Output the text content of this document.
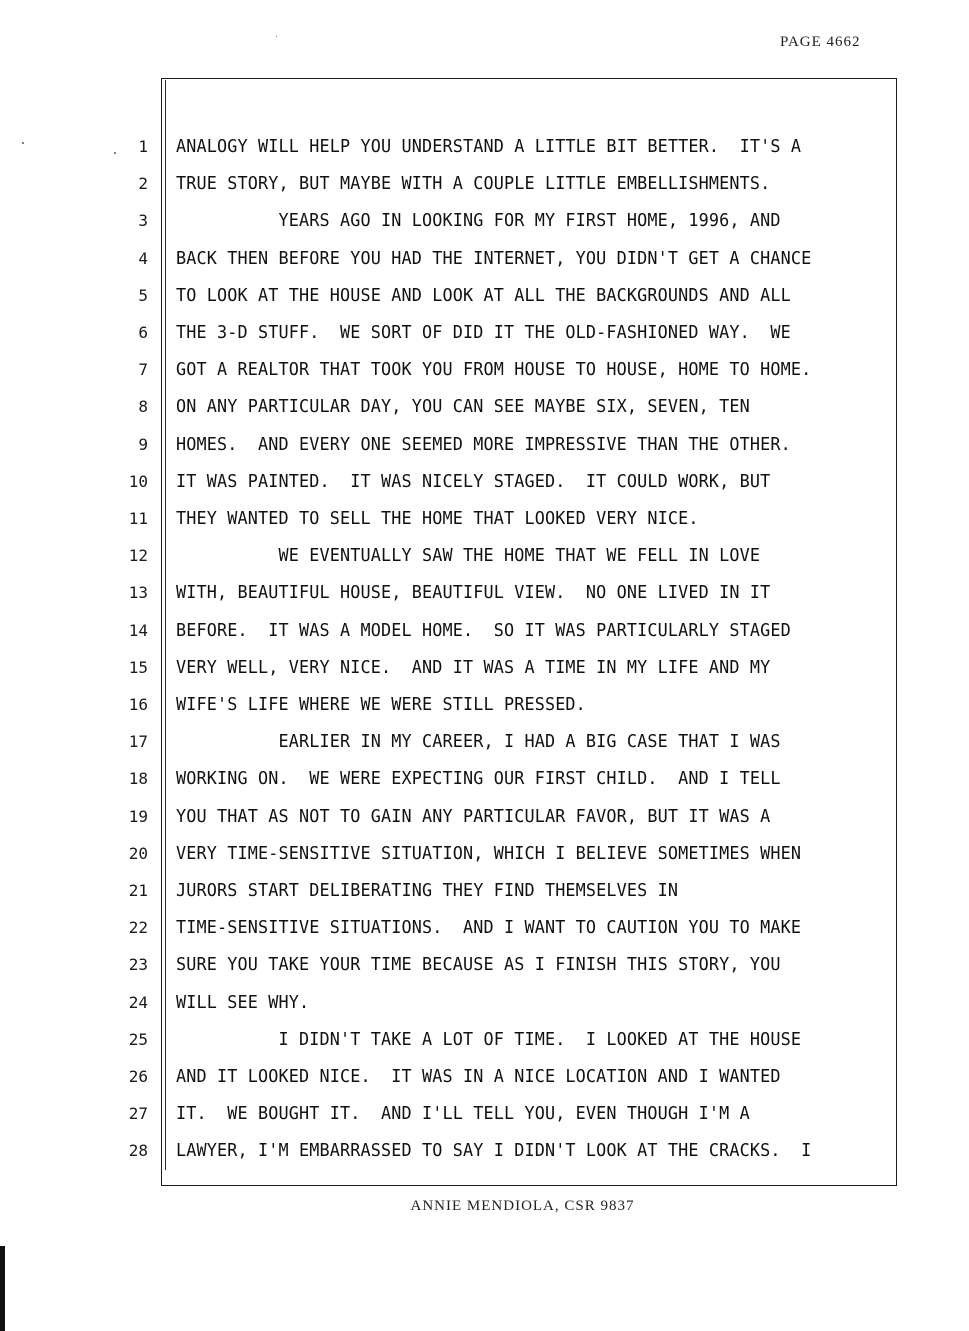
PAGE 4662
1 ANALOGY WILL HELP YOU UNDERSTAND A LITTLE BIT BETTER.  IT'S A
2 TRUE STORY, BUT MAYBE WITH A COUPLE LITTLE EMBELLISHMENTS.
3 YEARS AGO IN LOOKING FOR MY FIRST HOME, 1996, AND
4 BACK THEN BEFORE YOU HAD THE INTERNET, YOU DIDN'T GET A CHANCE
5 TO LOOK AT THE HOUSE AND LOOK AT ALL THE BACKGROUNDS AND ALL
6 THE 3-D STUFF.  WE SORT OF DID IT THE OLD-FASHIONED WAY.  WE
7 GOT A REALTOR THAT TOOK YOU FROM HOUSE TO HOUSE, HOME TO HOME.
8 ON ANY PARTICULAR DAY, YOU CAN SEE MAYBE SIX, SEVEN, TEN
9 HOMES.  AND EVERY ONE SEEMED MORE IMPRESSIVE THAN THE OTHER.
10 IT WAS PAINTED.  IT WAS NICELY STAGED.  IT COULD WORK, BUT
11 THEY WANTED TO SELL THE HOME THAT LOOKED VERY NICE.
12 WE EVENTUALLY SAW THE HOME THAT WE FELL IN LOVE
13 WITH, BEAUTIFUL HOUSE, BEAUTIFUL VIEW.  NO ONE LIVED IN IT
14 BEFORE.  IT WAS A MODEL HOME.  SO IT WAS PARTICULARLY STAGED
15 VERY WELL, VERY NICE.  AND IT WAS A TIME IN MY LIFE AND MY
16 WIFE'S LIFE WHERE WE WERE STILL PRESSED.
17 EARLIER IN MY CAREER, I HAD A BIG CASE THAT I WAS
18 WORKING ON.  WE WERE EXPECTING OUR FIRST CHILD.  AND I TELL
19 YOU THAT AS NOT TO GAIN ANY PARTICULAR FAVOR, BUT IT WAS A
20 VERY TIME-SENSITIVE SITUATION, WHICH I BELIEVE SOMETIMES WHEN
21 JURORS START DELIBERATING THEY FIND THEMSELVES IN
22 TIME-SENSITIVE SITUATIONS.  AND I WANT TO CAUTION YOU TO MAKE
23 SURE YOU TAKE YOUR TIME BECAUSE AS I FINISH THIS STORY, YOU
24 WILL SEE WHY.
25 I DIDN'T TAKE A LOT OF TIME.  I LOOKED AT THE HOUSE
26 AND IT LOOKED NICE.  IT WAS IN A NICE LOCATION AND I WANTED
27 IT.  WE BOUGHT IT.  AND I'LL TELL YOU, EVEN THOUGH I'M A
28 LAWYER, I'M EMBARRASSED TO SAY I DIDN'T LOOK AT THE CRACKS.  I
ANNIE MENDIOLA, CSR 9837
